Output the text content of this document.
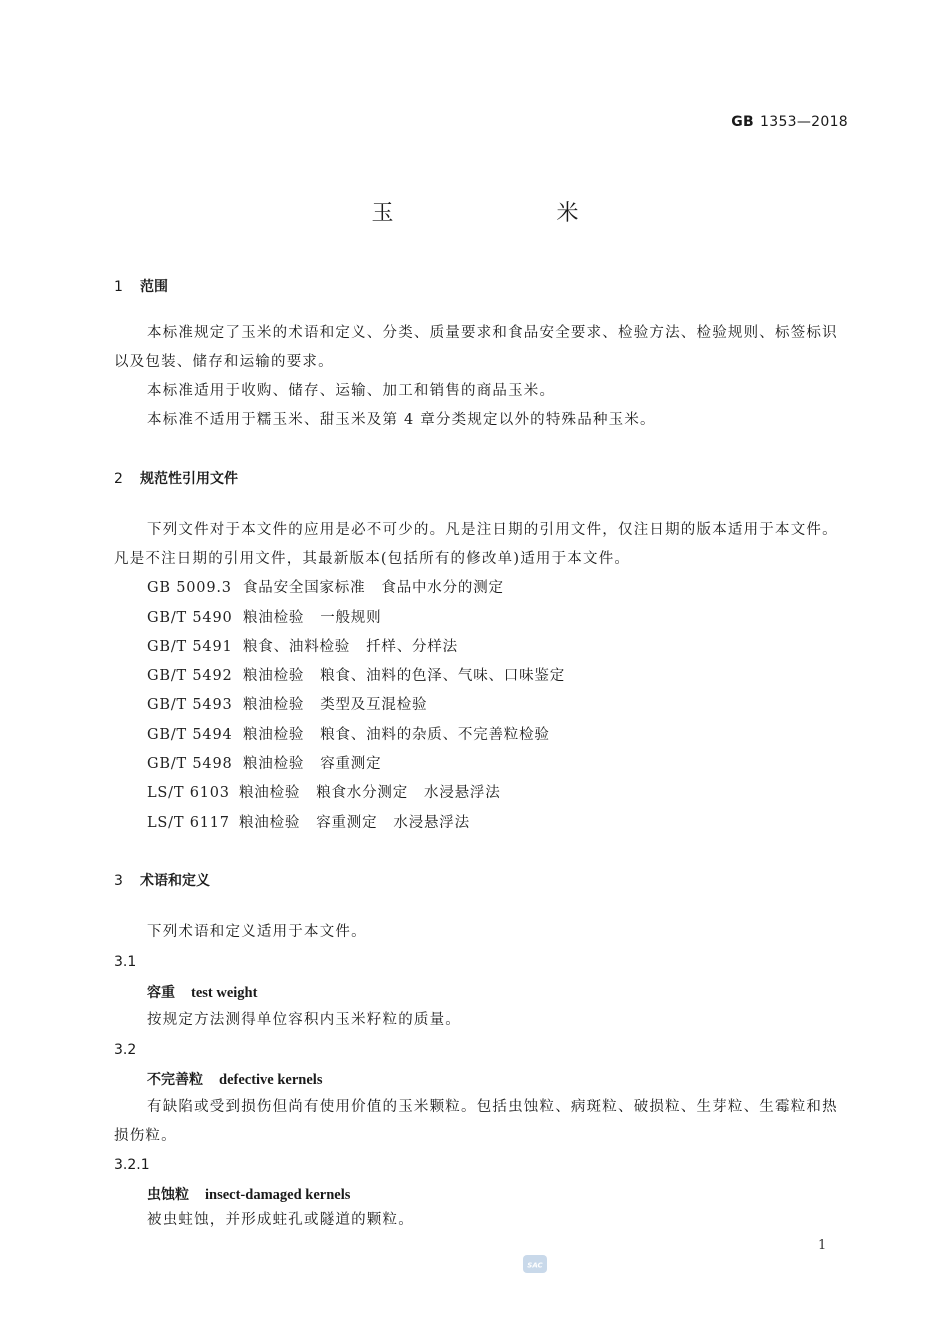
GB 1353—2018
玉 米
1 范围
本标准规定了玉米的术语和定义、分类、质量要求和食品安全要求、检验方法、检验规则、标签标识以及包装、储存和运输的要求。
本标准适用于收购、储存、运输、加工和销售的商品玉米。
本标准不适用于糯玉米、甜玉米及第 4 章分类规定以外的特殊品种玉米。
2 规范性引用文件
下列文件对于本文件的应用是必不可少的。凡是注日期的引用文件，仅注日期的版本适用于本文件。凡是不注日期的引用文件，其最新版本(包括所有的修改单)适用于本文件。
GB 5009.3 食品安全国家标准 食品中水分的测定
GB/T 5490 粮油检验 一般规则
GB/T 5491 粮食、油料检验 扦样、分样法
GB/T 5492 粮油检验 粮食、油料的色泽、气味、口味鉴定
GB/T 5493 粮油检验 类型及互混检验
GB/T 5494 粮油检验 粮食、油料的杂质、不完善粒检验
GB/T 5498 粮油检验 容重测定
LS/T 6103 粮油检验 粮食水分测定 水浸悬浮法
LS/T 6117 粮油检验 容重测定 水浸悬浮法
3 术语和定义
下列术语和定义适用于本文件。
3.1
容重 test weight
按规定方法测得单位容积内玉米籽粒的质量。
3.2
不完善粒 defective kernels
有缺陷或受到损伤但尚有使用价值的玉米颗粒。包括虫蚀粒、病斑粒、破损粒、生芽粒、生霉粒和热损伤粒。
3.2.1
虫蚀粒 insect-damaged kernels
被虫蛀蚀，并形成蛀孔或隧道的颗粒。
1
SAC
